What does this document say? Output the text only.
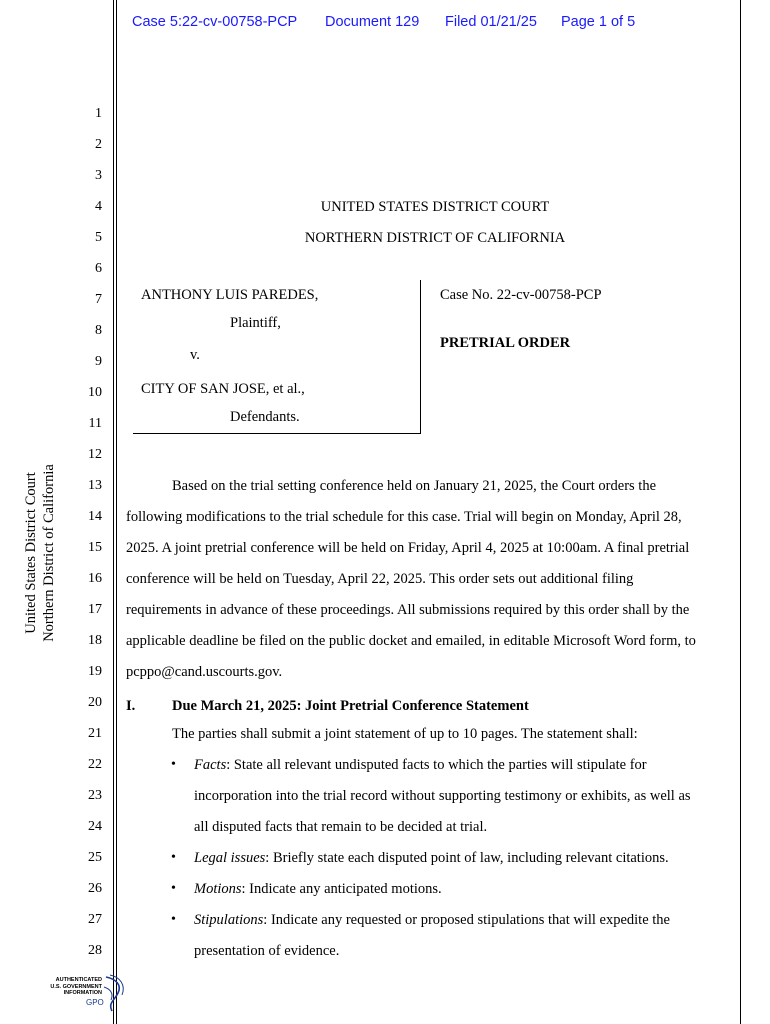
Case 5:22-cv-00758-PCP Document 129 Filed 01/21/25 Page 1 of 5
1
2
3
4
5
6
7
8
9
10
11
12
13
14
15
16
17
18
19
20
21
22
23
24
25
26
27
28
United States District Court Northern District of California
UNITED STATES DISTRICT COURT
NORTHERN DISTRICT OF CALIFORNIA
ANTHONY LUIS PAREDES,
Plaintiff,
v.
CITY OF SAN JOSE, et al.,
Defendants.
Case No. 22-cv-00758-PCP
PRETRIAL ORDER
Based on the trial setting conference held on January 21, 2025, the Court orders the
following modifications to the trial schedule for this case. Trial will begin on Monday, April 28,
2025. A joint pretrial conference will be held on Friday, April 4, 2025 at 10:00am. A final pretrial
conference will be held on Tuesday, April 22, 2025. This order sets out additional filing
requirements in advance of these proceedings. All submissions required by this order shall by the
applicable deadline be filed on the public docket and emailed, in editable Microsoft Word form, to
pcppo@cand.uscourts.gov.
I.	Due March 21, 2025: Joint Pretrial Conference Statement
The parties shall submit a joint statement of up to 10 pages. The statement shall:
• Facts: State all relevant undisputed facts to which the parties will stipulate for
incorporation into the trial record without supporting testimony or exhibits, as well as
all disputed facts that remain to be decided at trial.
• Legal issues: Briefly state each disputed point of law, including relevant citations.
• Motions: Indicate any anticipated motions.
• Stipulations: Indicate any requested or proposed stipulations that will expedite the
presentation of evidence.
AUTHENTICATED
U.S. GOVERNMENT
INFORMATION
GPO
